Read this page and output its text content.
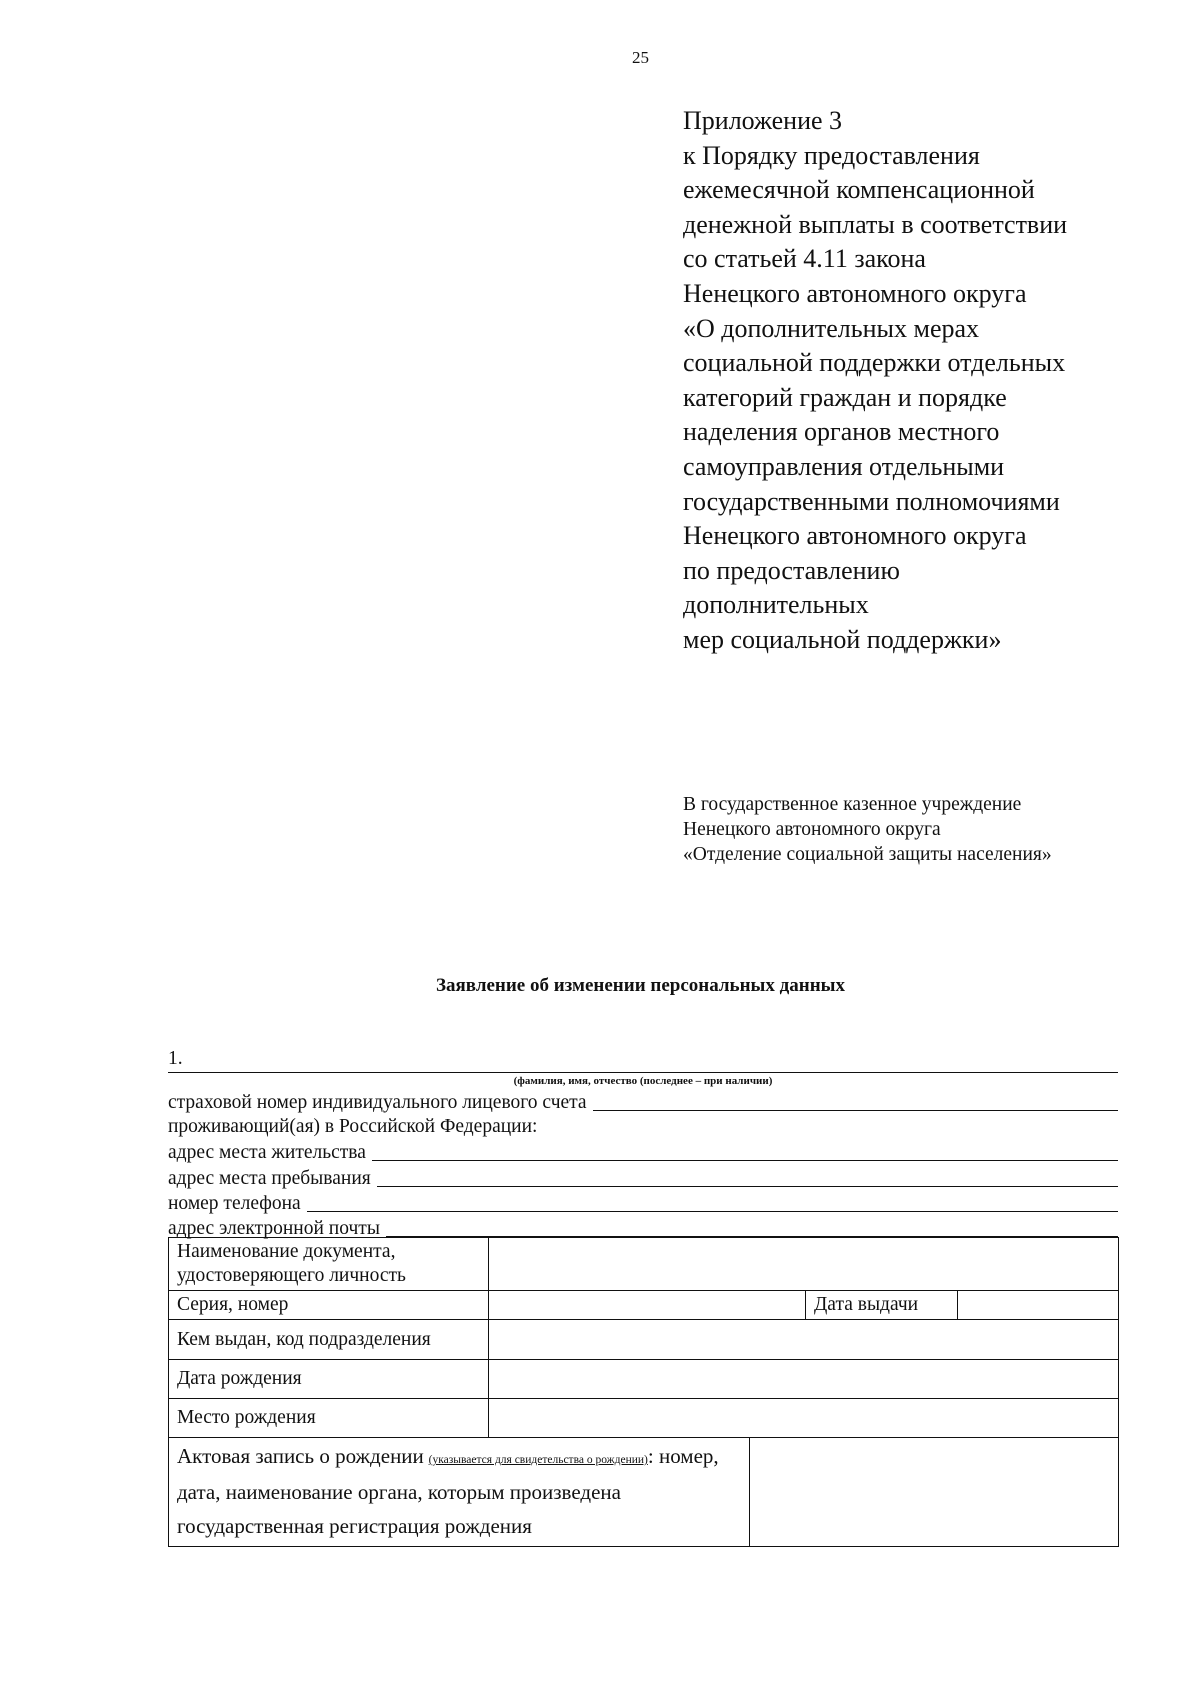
25
Приложение 3
к Порядку предоставления
ежемесячной компенсационной
денежной выплаты в соответствии
со статьей 4.11 закона
Ненецкого автономного округа
«О дополнительных мерах
социальной поддержки отдельных
категорий граждан и порядке
наделения органов местного
самоуправления отдельными
государственными полномочиями
Ненецкого автономного округа
по предоставлению
дополнительных
мер социальной поддержки»
В государственное казенное учреждение
Ненецкого автономного округа
«Отделение социальной защиты населения»
Заявление об изменении персональных данных
1.
(фамилия, имя, отчество (последнее – при наличии)
страховой номер индивидуального лицевого счета
проживающий(ая) в Российской Федерации:
адрес места жительства
адрес места пребывания
номер телефона
адрес электронной почты
Наименование документа, удостоверяющего личность			
Серия, номер		Дата выдачи	
Кем выдан, код подразделения			
Дата рождения			
Место рождения			
Актовая запись о рождении (указывается для свидетельства о рождении): номер, дата, наименование органа, которым произведена государственная регистрация рождения	
